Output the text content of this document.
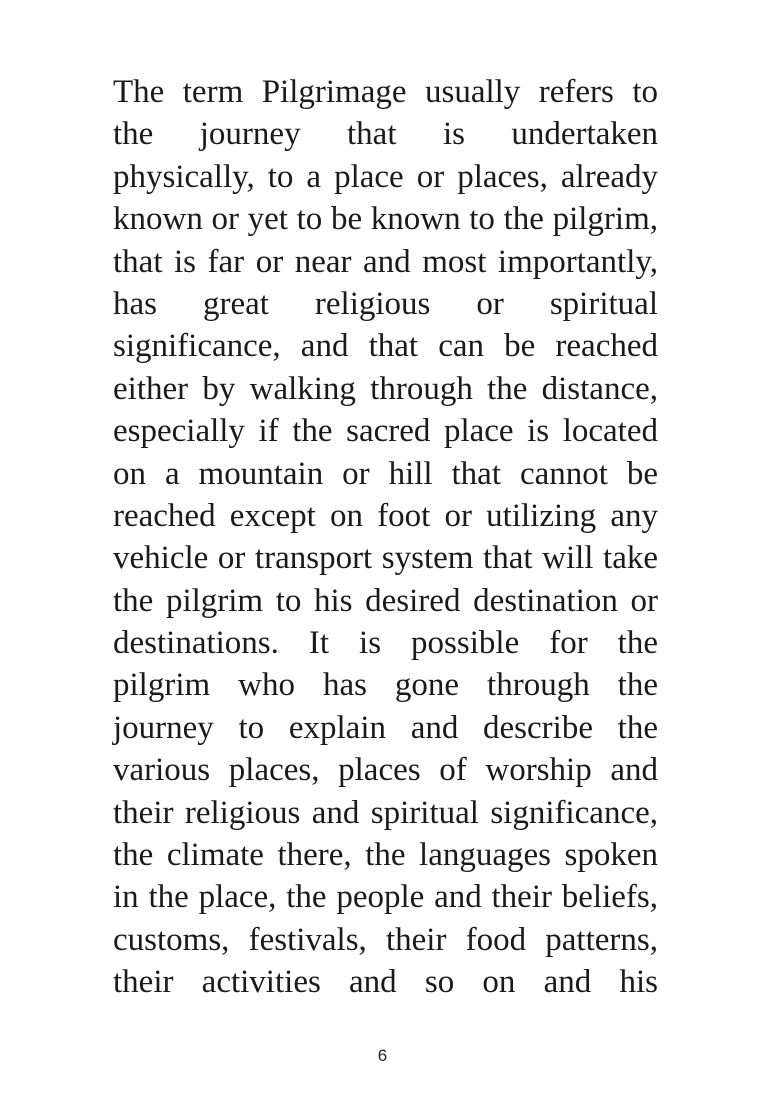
The term Pilgrimage usually refers to
the journey that is undertaken
physically, to a place or places, already
known or yet to be known to the pilgrim,
that is far or near and most importantly,
has great religious or spiritual
significance, and that can be reached
either by walking through the distance,
especially if the sacred place is located
on a mountain or hill that cannot be
reached except on foot or utilizing any
vehicle or transport system that will take
the pilgrim to his desired destination or
destinations. It is possible for the
pilgrim who has gone through the
journey to explain and describe the
various places, places of worship and
their religious and spiritual significance,
the climate there, the languages spoken
in the place, the people and their beliefs,
customs, festivals, their food patterns,
their activities and so on and his
6
